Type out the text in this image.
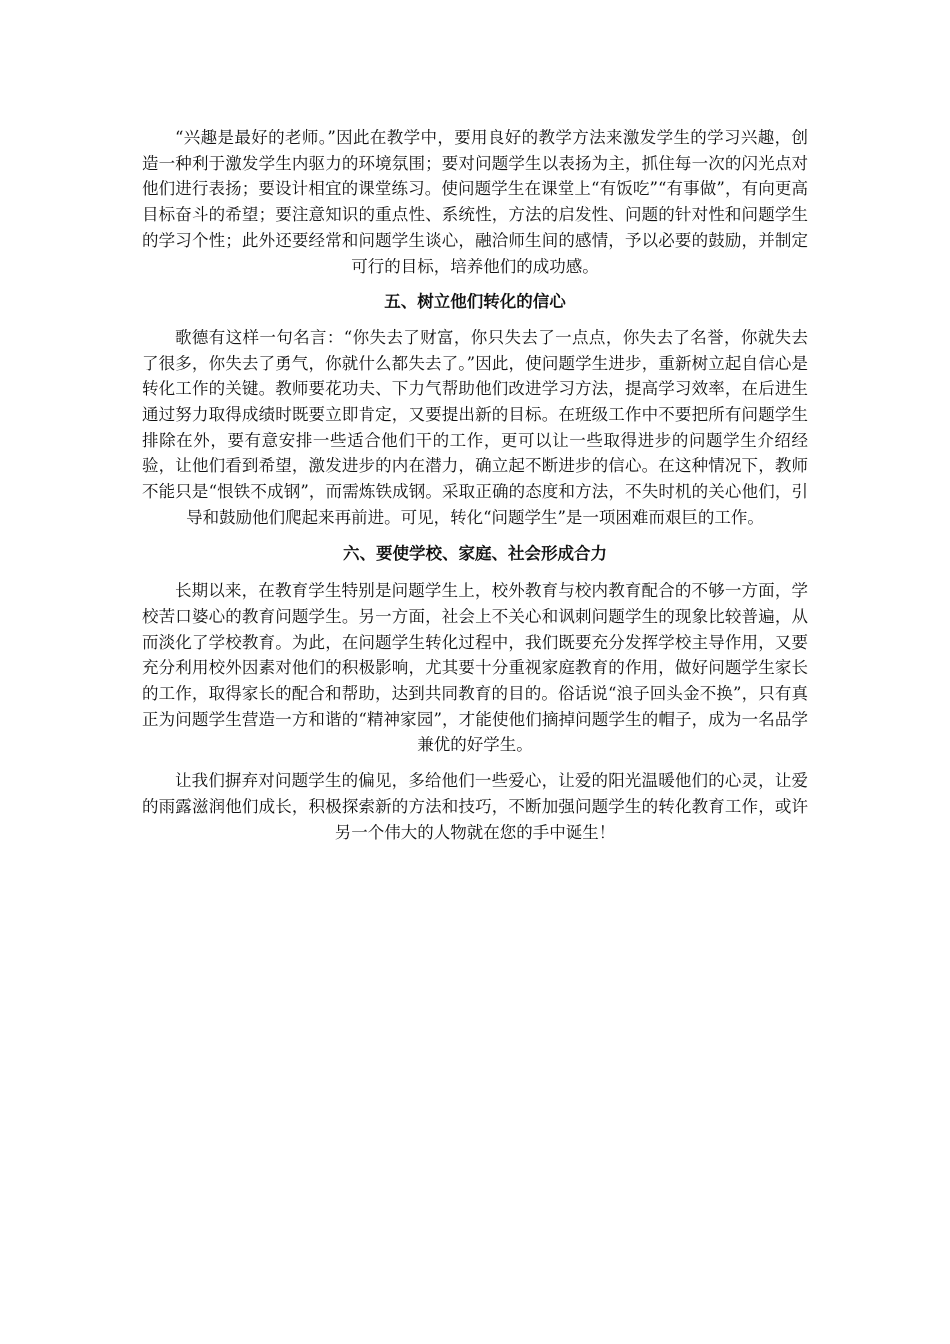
“兴趣是最好的老师。”因此在教学中，要用良好的教学方法来激发学生的学习兴趣，创造一种利于激发学生内驱力的环境氛围；要对问题学生以表扬为主，抓住每一次的闪光点对他们进行表扬；要设计相宜的课堂练习。使问题学生在课堂上“有饭吃”“有事做”，有向更高目标奋斗的希望；要注意知识的重点性、系统性，方法的启发性、问题的针对性和问题学生的学习个性；此外还要经常和问题学生谈心，融洽师生间的感情，予以必要的鼓励，并制定可行的目标，培养他们的成功感。

五、树立他们转化的信心

歌德有这样一句名言：“你失去了财富，你只失去了一点点，你失去了名誉，你就失去了很多，你失去了勇气，你就什么都失去了。”因此，使问题学生进步，重新树立起自信心是转化工作的关键。教师要花功夫、下力气帮助他们改进学习方法，提高学习效率，在后进生通过努力取得成绩时既要立即肯定，又要提出新的目标。在班级工作中不要把所有问题学生排除在外，要有意安排一些适合他们干的工作，更可以让一些取得进步的问题学生介绍经验，让他们看到希望，激发进步的内在潜力，确立起不断进步的信心。在这种情况下，教师不能只是“恨铁不成钢”，而需炼铁成钢。采取正确的态度和方法，不失时机的关心他们，引导和鼓励他们爬起来再前进。可见，转化“问题学生”是一项困难而艰巨的工作。

六、要使学校、家庭、社会形成合力

长期以来，在教育学生特别是问题学生上，校外教育与校内教育配合的不够一方面，学校苦口婆心的教育问题学生。另一方面，社会上不关心和讽刺问题学生的现象比较普遍，从而淡化了学校教育。为此，在问题学生转化过程中，我们既要充分发挥学校主导作用，又要充分利用校外因素对他们的积极影响，尤其要十分重视家庭教育的作用，做好问题学生家长的工作，取得家长的配合和帮助，达到共同教育的目的。俗话说“浪子回头金不换”，只有真正为问题学生营造一方和谐的“精神家园”，才能使他们摘掉问题学生的帽子，成为一名品学兼优的好学生。

让我们摒弃对问题学生的偏见，多给他们一些爱心，让爱的阳光温暖他们的心灵，让爱的雨露滋润他们成长，积极探索新的方法和技巧，不断加强问题学生的转化教育工作，或许另一个伟大的人物就在您的手中诞生！
